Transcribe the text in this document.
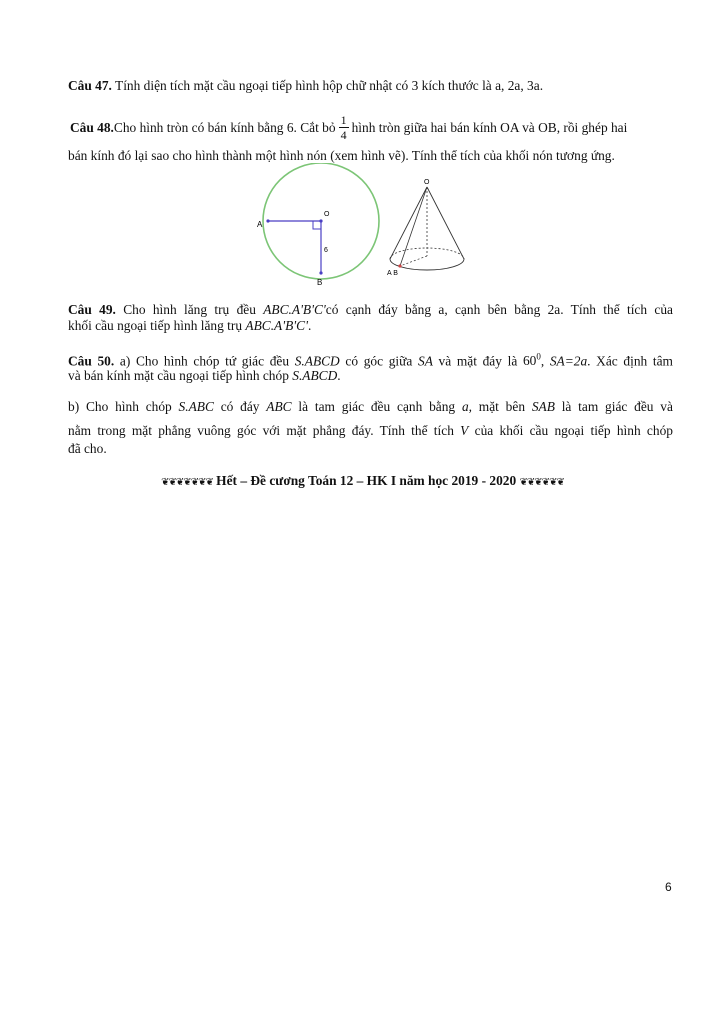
Câu 47. Tính diện tích mặt cầu ngoại tiếp hình hộp chữ nhật có 3 kích thước là a, 2a, 3a.
Câu 48. Cho hình tròn có bán kính bằng 6. Cắt bỏ $\frac{1}{4}$ hình tròn giữa hai bán kính OA và OB, rồi ghép hai
bán kính đó lại sao cho hình thành một hình nón (xem hình vẽ). Tính thể tích của khối nón tương ứng.
A
O
6
B
O
A B
Câu 49. Cho hình lăng trụ đều ABC.A'B'C'có cạnh đáy bằng a, cạnh bên bằng 2a. Tính thể tích của
khối cầu ngoại tiếp hình lăng trụ ABC.A'B'C'.
Câu 50. a) Cho hình chóp tứ giác đều S.ABCD có góc giữa SA và mặt đáy là $60^0$, SA=2a. Xác định tâm
và bán kính mặt cầu ngoại tiếp hình chóp S.ABCD.
b) Cho hình chóp S.ABC có đáy ABC là tam giác đều cạnh bằng a, mặt bên SAB là tam giác đều và
nằm trong mặt phẳng vuông góc với mặt phẳng đáy. Tính thể tích V của khối cầu ngoại tiếp hình chóp
đã cho.
❦❦❦❦❦❦❦ Hết – Đề cương Toán 12 – HK I năm học 2019 - 2020 ❦❦❦❦❦❦
6
